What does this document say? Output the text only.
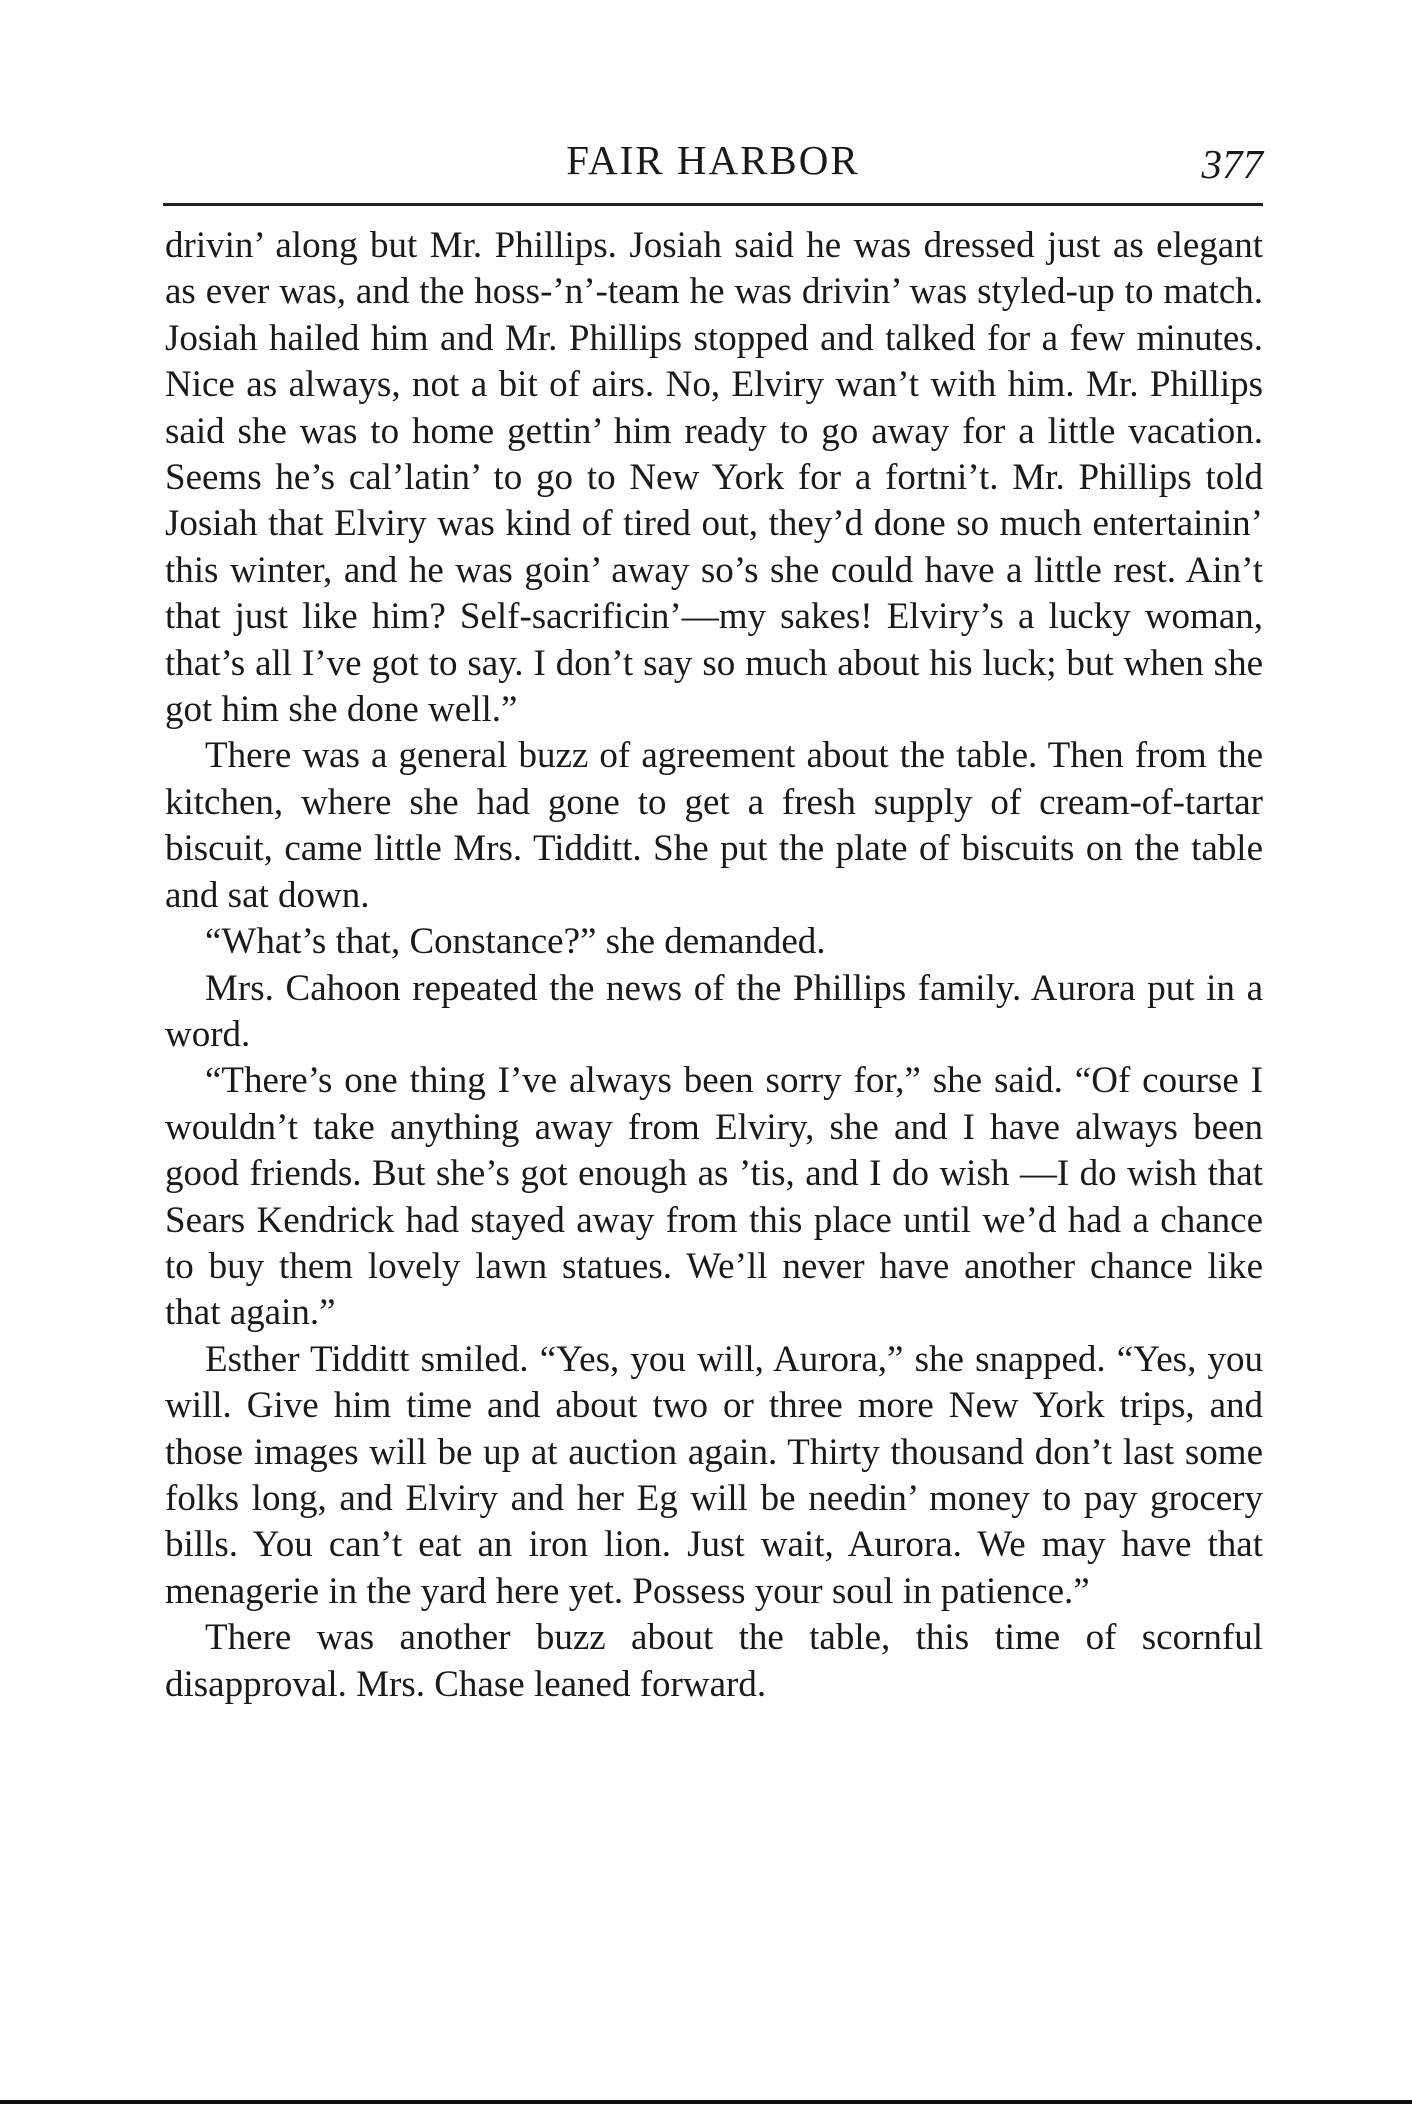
FAIR HARBOR	377

drivin’ along but Mr. Phillips. Josiah said he was dressed just as elegant as ever was, and the hoss-’n’-team he was drivin’ was styled-up to match. Josiah hailed him and Mr. Phillips stopped and talked for a few minutes. Nice as always, not a bit of airs. No, Elviry wan’t with him. Mr. Phillips said she was to home gettin’ him ready to go away for a little vacation. Seems he’s cal’latin’ to go to New York for a fortni’t. Mr. Phillips told Josiah that Elviry was kind of tired out, they’d done so much entertainin’ this winter, and he was goin’ away so’s she could have a little rest. Ain’t that just like him? Self-sacrificin’—my sakes! Elviry’s a lucky woman, that’s all I’ve got to say. I don’t say so much about his luck; but when she got him she done well.”

There was a general buzz of agreement about the table. Then from the kitchen, where she had gone to get a fresh supply of cream-of-tartar biscuit, came little Mrs. Tidditt. She put the plate of biscuits on the table and sat down.

“What’s that, Constance?” she demanded.

Mrs. Cahoon repeated the news of the Phillips family. Aurora put in a word.

“There’s one thing I’ve always been sorry for,” she said. “Of course I wouldn’t take anything away from Elviry, she and I have always been good friends. But she’s got enough as ’tis, and I do wish —I do wish that Sears Kendrick had stayed away from this place until we’d had a chance to buy them lovely lawn statues. We’ll never have another chance like that again.”

Esther Tidditt smiled. “Yes, you will, Aurora,” she snapped. “Yes, you will. Give him time and about two or three more New York trips, and those images will be up at auction again. Thirty thousand don’t last some folks long, and Elviry and her Eg will be needin’ money to pay grocery bills. You can’t eat an iron lion. Just wait, Aurora. We may have that menagerie in the yard here yet. Possess your soul in patience.”

There was another buzz about the table, this time of scornful disapproval. Mrs. Chase leaned forward.
